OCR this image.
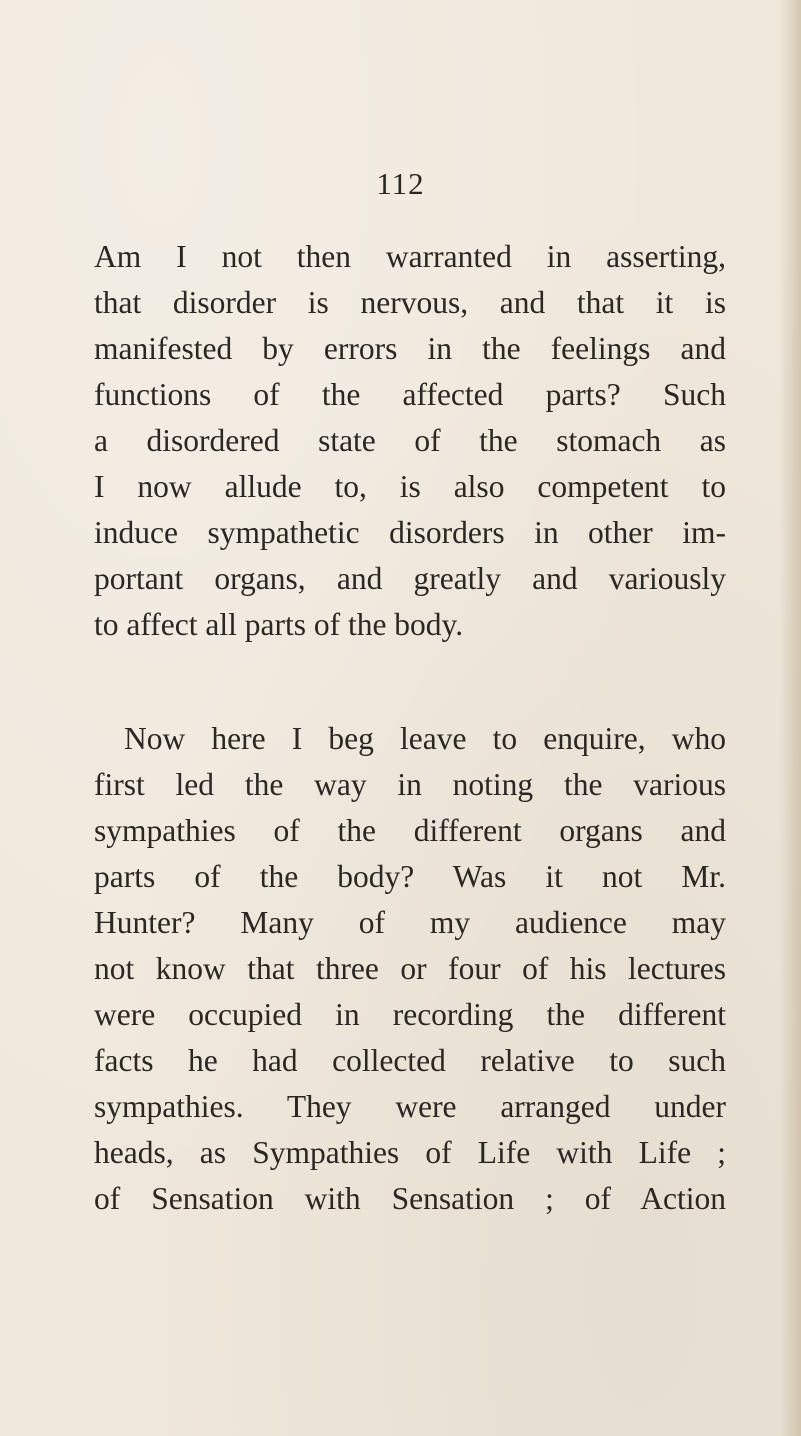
112

Am I not then warranted in asserting,
that disorder is nervous, and that it is
manifested by errors in the feelings and
functions of the affected parts? Such
a disordered state of the stomach as
I now allude to, is also competent to
induce sympathetic disorders in other im-
portant organs, and greatly and variously
to affect all parts of the body.

Now here I beg leave to enquire, who
first led the way in noting the various
sympathies of the different organs and
parts of the body? Was it not Mr.
Hunter? Many of my audience may
not know that three or four of his lectures
were occupied in recording the different
facts he had collected relative to such
sympathies. They were arranged under
heads, as Sympathies of Life with Life ;
of Sensation with Sensation ; of Action
